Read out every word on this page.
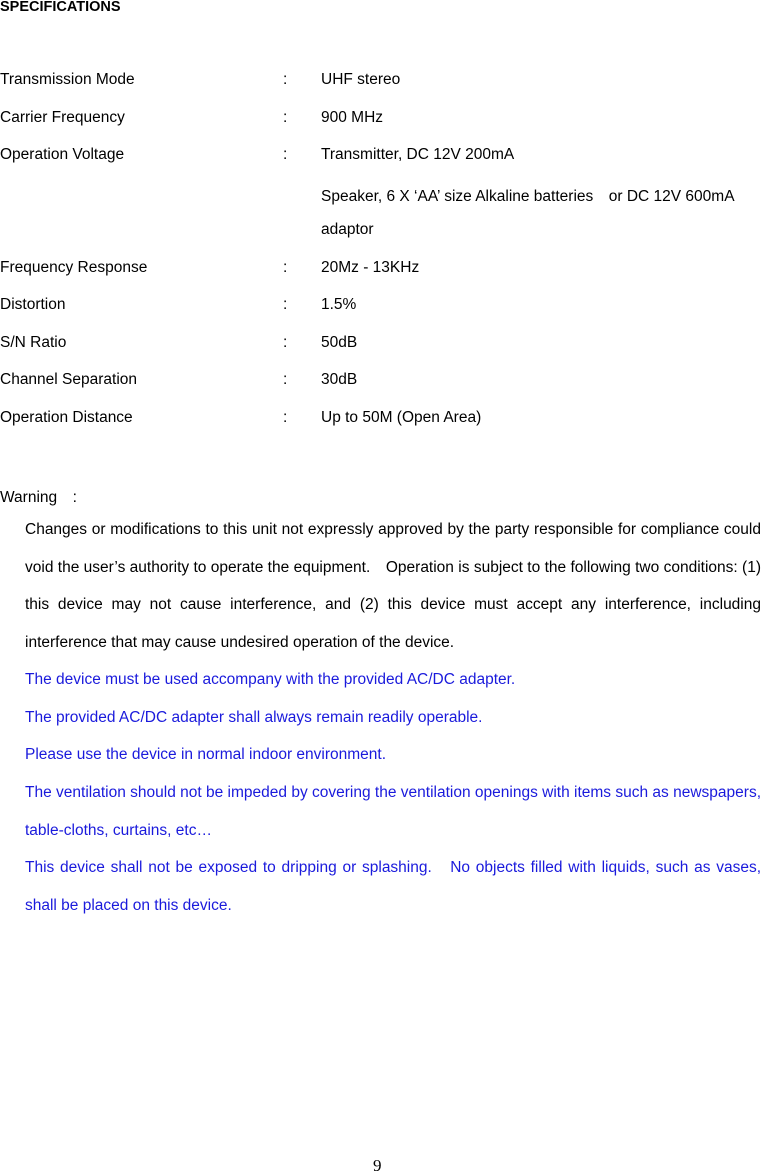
SPECIFICATIONS
Transmission Mode	: UHF stereo
Carrier Frequency	: 900 MHz
Operation Voltage	: Transmitter, DC 12V 200mA
Speaker, 6 X ‘AA’ size Alkaline batteries　or DC 12V 600mA
adaptor
Frequency Response	: 20Mz - 13KHz
Distortion	: 1.5%
S/N Ratio	: 50dB
Channel Separation	: 30dB
Operation Distance	: Up to 50M (Open Area)
Warning　:
Changes or modifications to this unit not expressly approved by the party responsible for compliance could void the user’s authority to operate the equipment.　Operation is subject to the following two conditions: (1) this device may not cause interference, and (2) this device must accept any interference, including interference that may cause undesired operation of the device.
The device must be used accompany with the provided AC/DC adapter.
The provided AC/DC adapter shall always remain readily operable.
Please use the device in normal indoor environment.
The ventilation should not be impeded by covering the ventilation openings with items such as newspapers, table-cloths, curtains, etc…
This device shall not be exposed to dripping or splashing.　No objects filled with liquids, such as vases, shall be placed on this device.
9
